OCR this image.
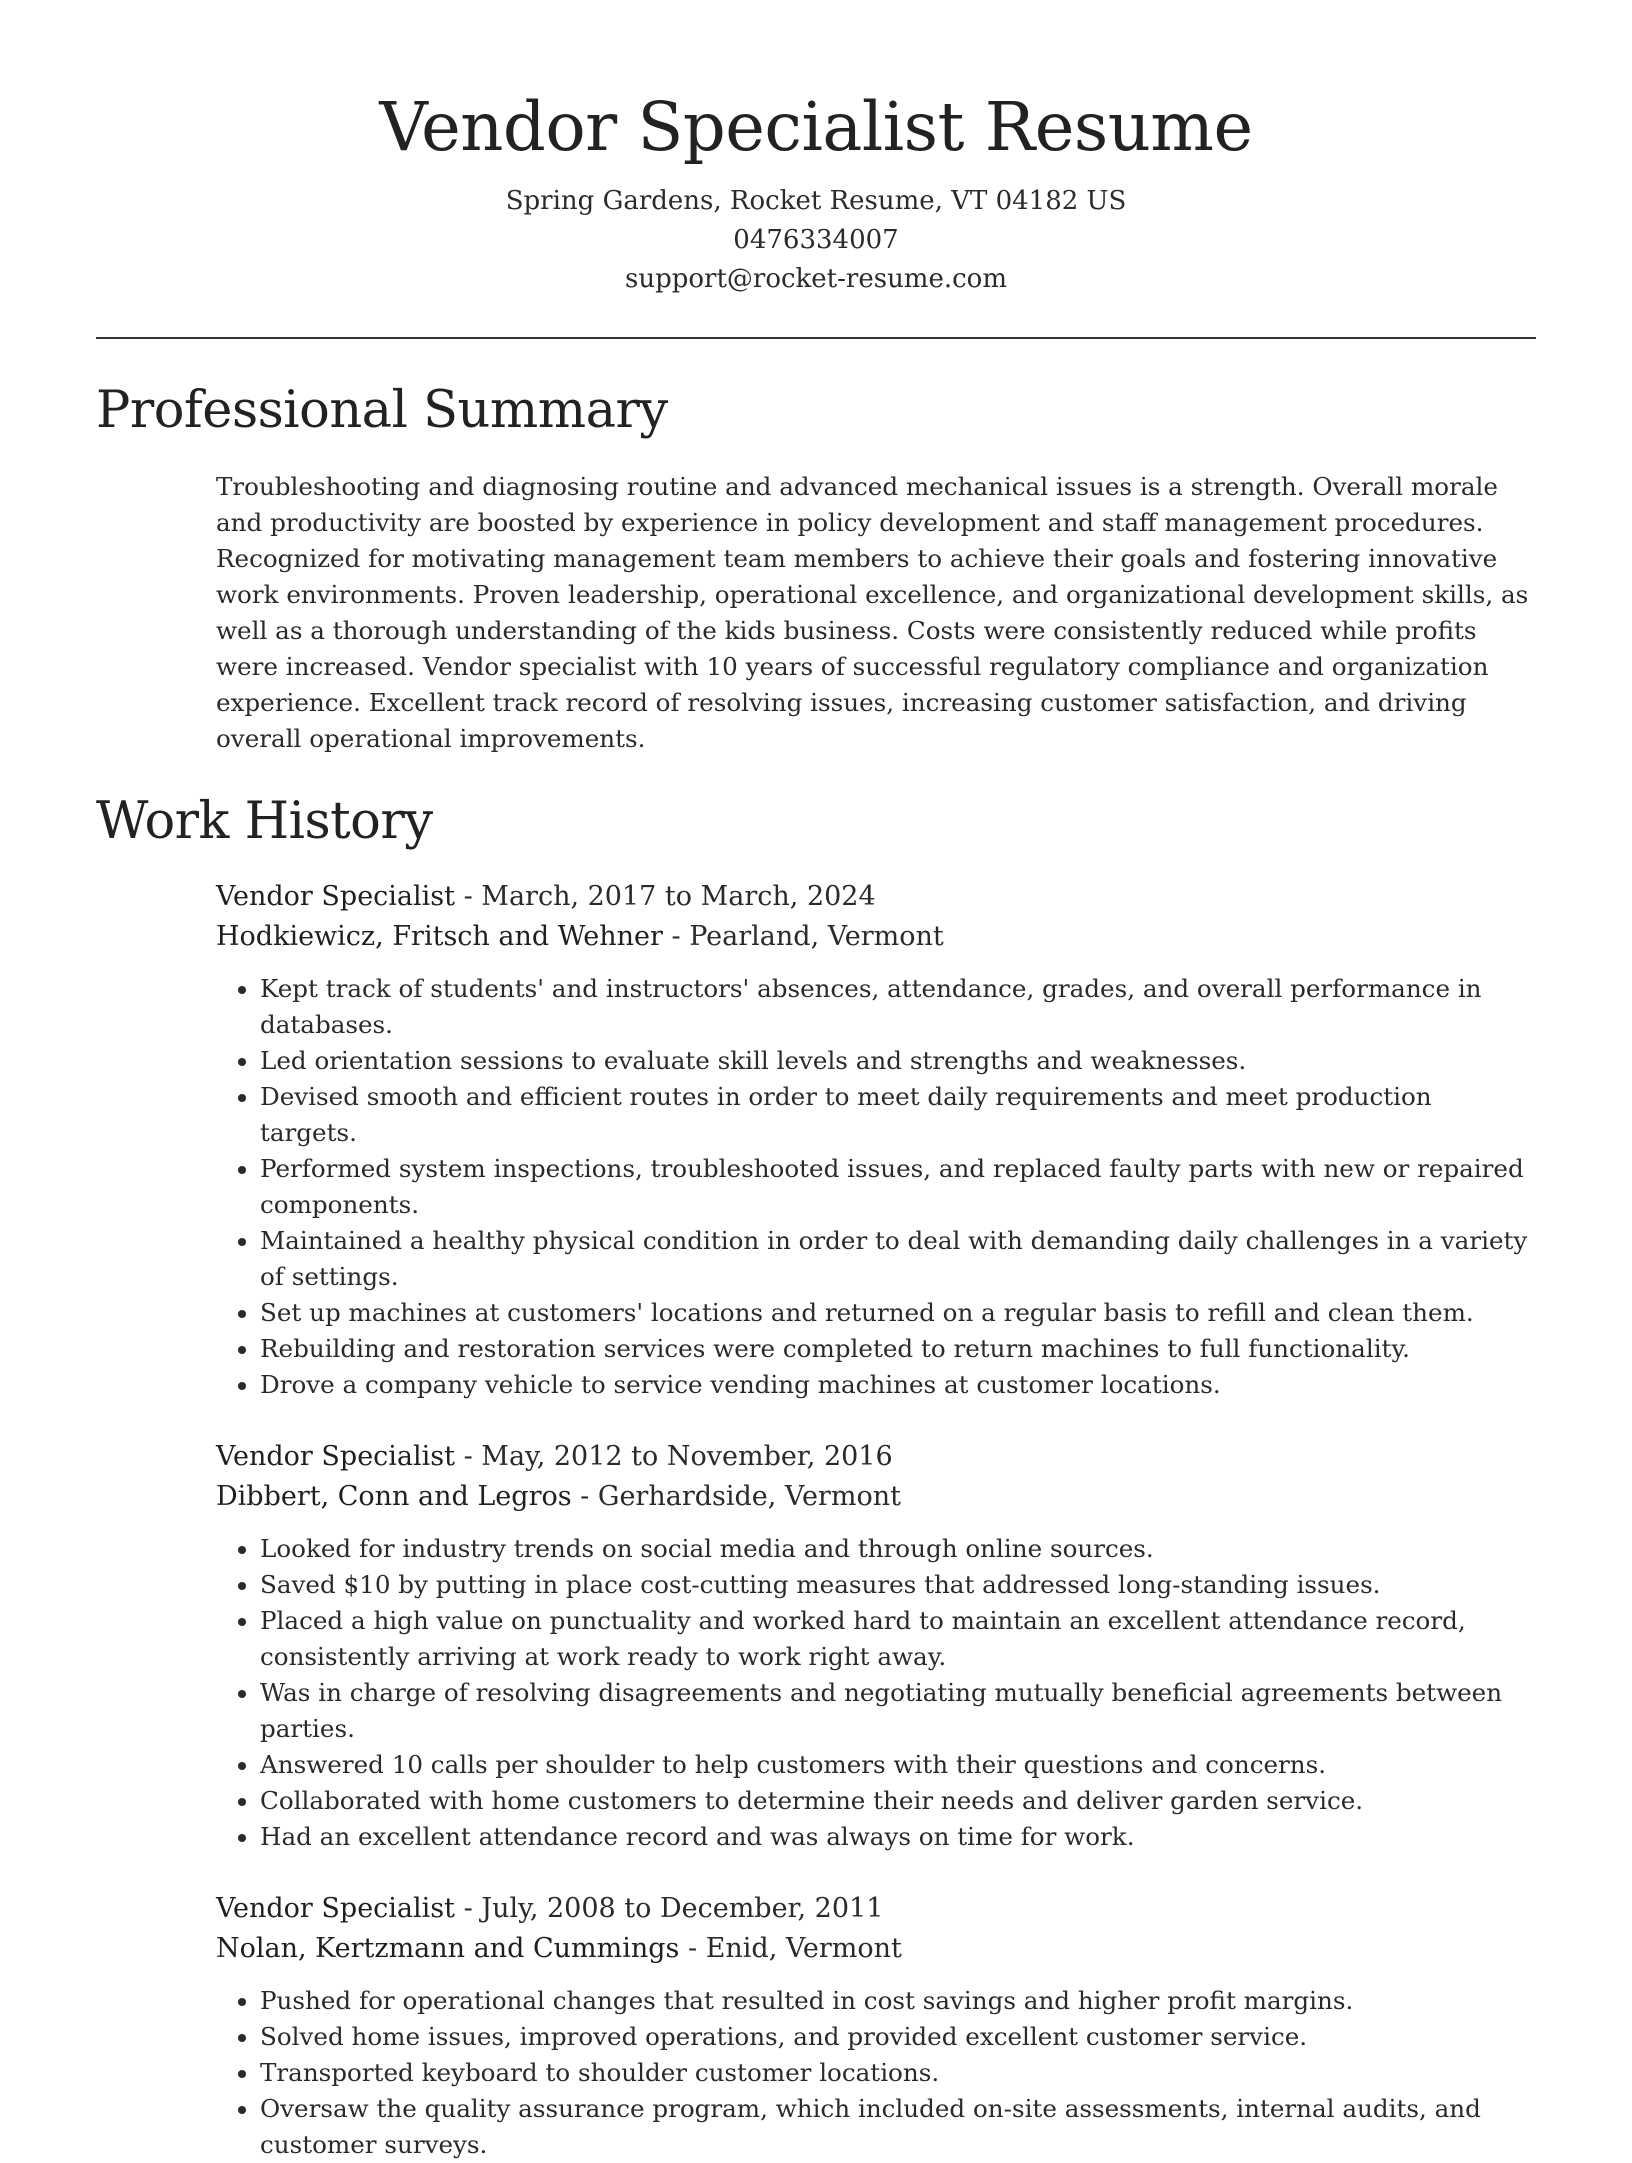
Vendor Specialist Resume
Spring Gardens, Rocket Resume, VT 04182 US
0476334007
support@rocket-resume.com
Professional Summary
Troubleshooting and diagnosing routine and advanced mechanical issues is a strength. Overall morale and productivity are boosted by experience in policy development and staff management procedures. Recognized for motivating management team members to achieve their goals and fostering innovative work environments. Proven leadership, operational excellence, and organizational development skills, as well as a thorough understanding of the kids business. Costs were consistently reduced while profits were increased. Vendor specialist with 10 years of successful regulatory compliance and organization experience. Excellent track record of resolving issues, increasing customer satisfaction, and driving overall operational improvements.
Work History
Vendor Specialist - March, 2017 to March, 2024
Hodkiewicz, Fritsch and Wehner - Pearland, Vermont
• Kept track of students' and instructors' absences, attendance, grades, and overall performance in databases.
• Led orientation sessions to evaluate skill levels and strengths and weaknesses.
• Devised smooth and efficient routes in order to meet daily requirements and meet production targets.
• Performed system inspections, troubleshooted issues, and replaced faulty parts with new or repaired components.
• Maintained a healthy physical condition in order to deal with demanding daily challenges in a variety of settings.
• Set up machines at customers' locations and returned on a regular basis to refill and clean them.
• Rebuilding and restoration services were completed to return machines to full functionality.
• Drove a company vehicle to service vending machines at customer locations.
Vendor Specialist - May, 2012 to November, 2016
Dibbert, Conn and Legros - Gerhardside, Vermont
• Looked for industry trends on social media and through online sources.
• Saved $10 by putting in place cost-cutting measures that addressed long-standing issues.
• Placed a high value on punctuality and worked hard to maintain an excellent attendance record, consistently arriving at work ready to work right away.
• Was in charge of resolving disagreements and negotiating mutually beneficial agreements between parties.
• Answered 10 calls per shoulder to help customers with their questions and concerns.
• Collaborated with home customers to determine their needs and deliver garden service.
• Had an excellent attendance record and was always on time for work.
Vendor Specialist - July, 2008 to December, 2011
Nolan, Kertzmann and Cummings - Enid, Vermont
• Pushed for operational changes that resulted in cost savings and higher profit margins.
• Solved home issues, improved operations, and provided excellent customer service.
• Transported keyboard to shoulder customer locations.
• Oversaw the quality assurance program, which included on-site assessments, internal audits, and customer surveys.
